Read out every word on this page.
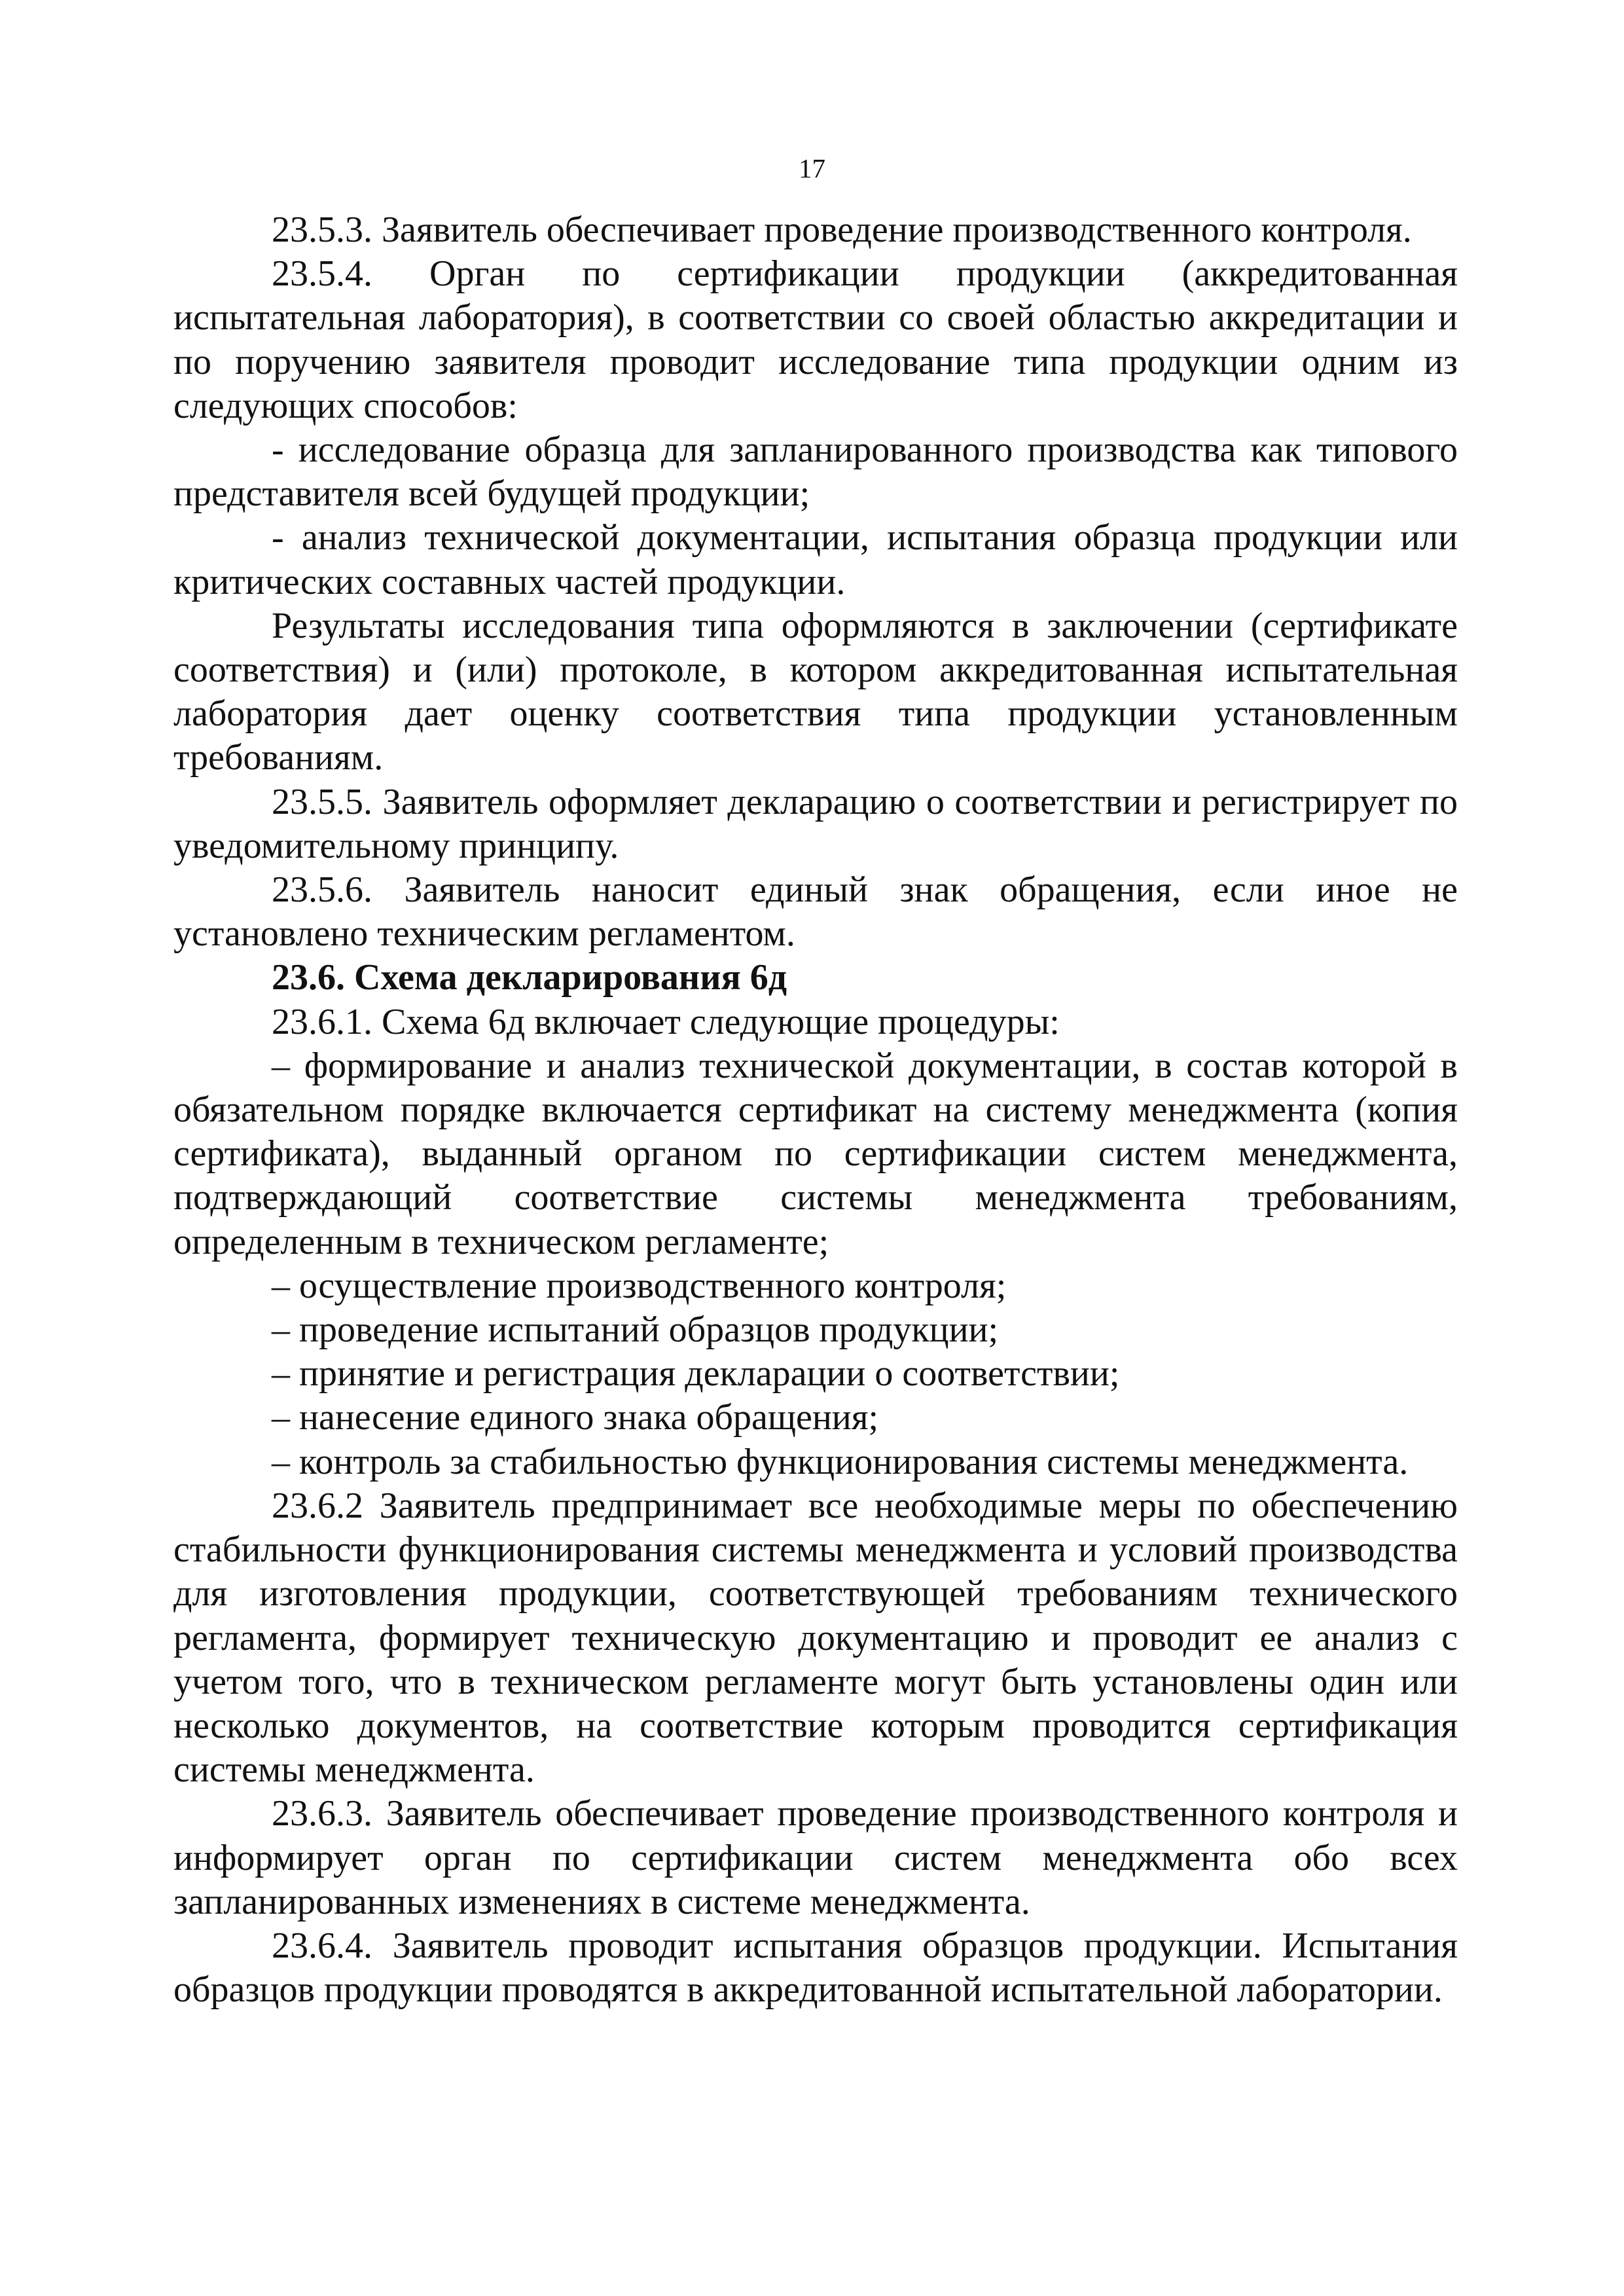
17

23.5.3. Заявитель обеспечивает проведение производственного контроля.

23.5.4. Орган по сертификации продукции (аккредитованная испытательная лаборатория), в соответствии со своей областью аккредитации и по поручению заявителя проводит исследование типа продукции одним из следующих способов:

- исследование образца для запланированного производства как типового представителя всей будущей продукции;

- анализ технической документации, испытания образца продукции или критических составных частей продукции.

Результаты исследования типа оформляются в заключении (сертификате соответствия) и (или) протоколе, в котором аккредитованная испытательная лаборатория дает оценку соответствия типа продукции установленным требованиям.

23.5.5. Заявитель оформляет декларацию о соответствии и регистрирует по уведомительному принципу.

23.5.6. Заявитель наносит единый знак обращения, если иное не установлено техническим регламентом.

23.6. Схема декларирования 6д

23.6.1. Схема 6д включает следующие процедуры:

– формирование и анализ технической документации, в состав которой в обязательном порядке включается сертификат на систему менеджмента (копия сертификата), выданный органом по сертификации систем менеджмента, подтверждающий соответствие системы менеджмента требованиям, определенным в техническом регламенте;

– осуществление производственного контроля;

– проведение испытаний образцов продукции;

– принятие и регистрация декларации о соответствии;

– нанесение единого знака обращения;

– контроль за стабильностью функционирования системы менеджмента.

23.6.2 Заявитель предпринимает все необходимые меры по обеспечению стабильности функционирования системы менеджмента и условий производства для изготовления продукции, соответствующей требованиям технического регламента, формирует техническую документацию и проводит ее анализ с учетом того, что в техническом регламенте могут быть установлены один или несколько документов, на соответствие которым проводится сертификация системы менеджмента.

23.6.3. Заявитель обеспечивает проведение производственного контроля и информирует орган по сертификации систем менеджмента обо всех запланированных изменениях в системе менеджмента.

23.6.4. Заявитель проводит испытания образцов продукции. Испытания образцов продукции проводятся в аккредитованной испытательной лаборатории.
